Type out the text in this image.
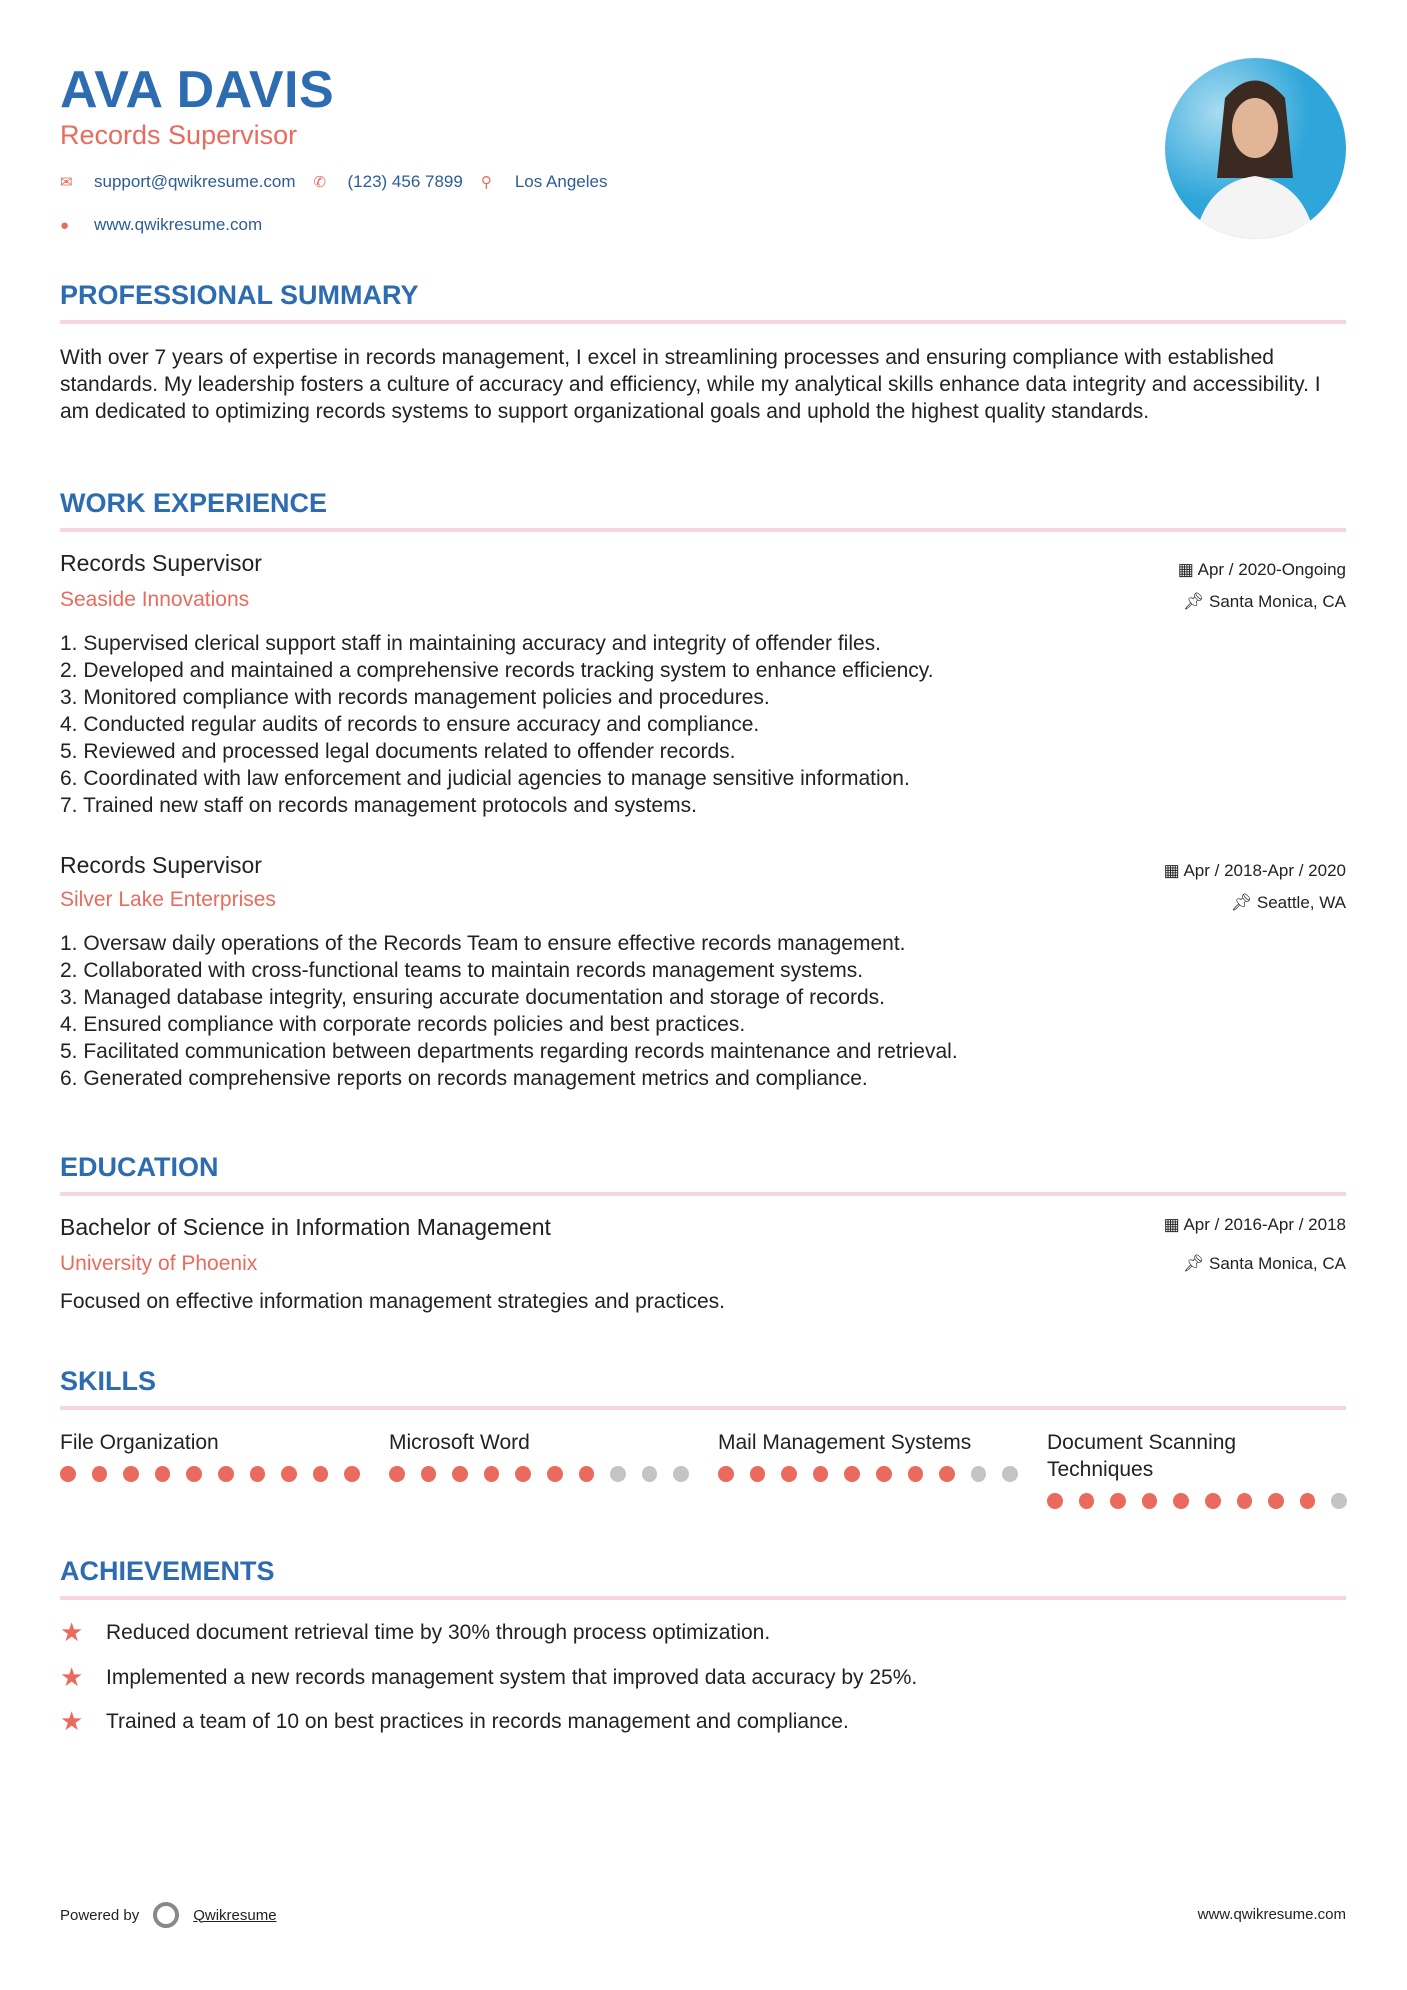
AVA DAVIS
Records Supervisor
✉	support@qwikresume.com ✆	(123) 456 7899 ⚲	Los Angeles
●	www.qwikresume.com
PROFESSIONAL SUMMARY
With over 7 years of expertise in records management, I excel in streamlining processes and ensuring compliance with established standards. My leadership fosters a culture of accuracy and efficiency, while my analytical skills enhance data integrity and accessibility. I am dedicated to optimizing records systems to support organizational goals and uphold the highest quality standards.
WORK EXPERIENCE
Records Supervisor
Seaside Innovations
▦ Apr / 2020-Ongoing
📌︎ Santa Monica, CA
1. Supervised clerical support staff in maintaining accuracy and integrity of offender files.
2. Developed and maintained a comprehensive records tracking system to enhance efficiency.
3. Monitored compliance with records management policies and procedures.
4. Conducted regular audits of records to ensure accuracy and compliance.
5. Reviewed and processed legal documents related to offender records.
6. Coordinated with law enforcement and judicial agencies to manage sensitive information.
7. Trained new staff on records management protocols and systems.
Records Supervisor
Silver Lake Enterprises
▦ Apr / 2018-Apr / 2020
📌︎ Seattle, WA
1. Oversaw daily operations of the Records Team to ensure effective records management.
2. Collaborated with cross-functional teams to maintain records management systems.
3. Managed database integrity, ensuring accurate documentation and storage of records.
4. Ensured compliance with corporate records policies and best practices.
5. Facilitated communication between departments regarding records maintenance and retrieval.
6. Generated comprehensive reports on records management metrics and compliance.
EDUCATION
Bachelor of Science in Information Management
University of Phoenix
▦ Apr / 2016-Apr / 2018
📌︎ Santa Monica, CA
Focused on effective information management strategies and practices.
SKILLS
File Organization	Microsoft Word	Mail Management Systems	Document Scanning Techniques
ACHIEVEMENTS
★	Reduced document retrieval time by 30% through process optimization.
★	Implemented a new records management system that improved data accuracy by 25%.
★	Trained a team of 10 on best practices in records management and compliance.
Powered by	Qwikresume	www.qwikresume.com
